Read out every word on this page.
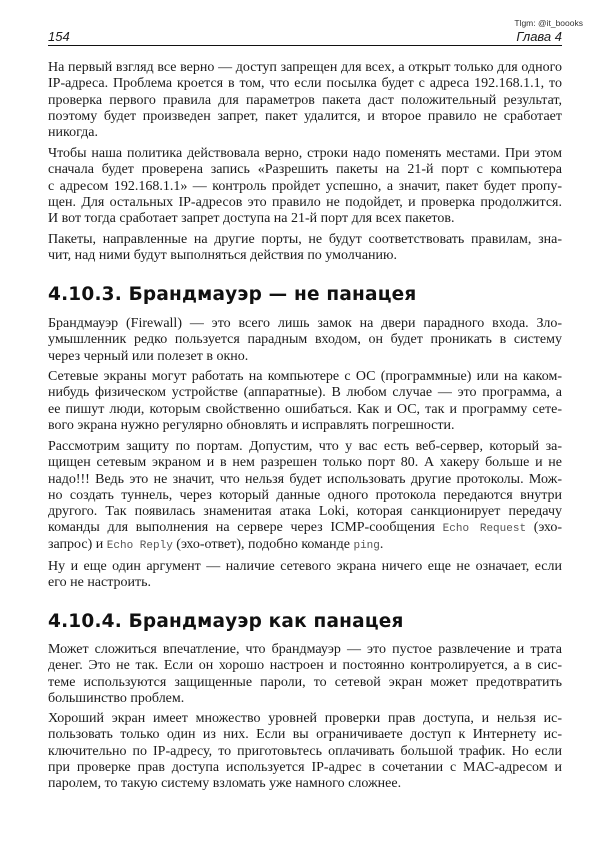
Tlgm: @it_boooks
154	Глава 4
На первый взгляд все верно — доступ запрещен для всех, а открыт только для одного
IP-адреса. Проблема кроется в том, что если посылка будет с адреса 192.168.1.1, то
проверка первого правила для параметров пакета даст положительный результат,
поэтому будет произведен запрет, пакет удалится, и второе правило не сработает
никогда.
Чтобы наша политика действовала верно, строки надо поменять местами. При этом
сначала будет проверена запись «Разрешить пакеты на 21-й порт с компьютера
с адресом 192.168.1.1» — контроль пройдет успешно, а значит, пакет будет пропу-
щен. Для остальных IP-адресов это правило не подойдет, и проверка продолжится.
И вот тогда сработает запрет доступа на 21-й порт для всех пакетов.
Пакеты, направленные на другие порты, не будут соответствовать правилам, зна-
чит, над ними будут выполняться действия по умолчанию.
4.10.3. Брандмауэр — не панацея
Брандмауэр (Firewall) — это всего лишь замок на двери парадного входа. Зло-
умышленник редко пользуется парадным входом, он будет проникать в систему
через черный или полезет в окно.
Сетевые экраны могут работать на компьютере с ОС (программные) или на каком-
нибудь физическом устройстве (аппаратные). В любом случае — это программа, а
ее пишут люди, которым свойственно ошибаться. Как и ОС, так и программу сете-
вого экрана нужно регулярно обновлять и исправлять погрешности.
Рассмотрим защиту по портам. Допустим, что у вас есть веб-сервер, который за-
щищен сетевым экраном и в нем разрешен только порт 80. А хакеру больше и не
надо!!! Ведь это не значит, что нельзя будет использовать другие протоколы. Мож-
но создать туннель, через который данные одного протокола передаются внутри
другого. Так появилась знаменитая атака Loki, которая санкционирует передачу
команды для выполнения на сервере через ICMP-сообщения Echo Request (эхо-
запрос) и Echo Reply (эхо-ответ), подобно команде ping.
Ну и еще один аргумент — наличие сетевого экрана ничего еще не означает, если
его не настроить.
4.10.4. Брандмауэр как панацея
Может сложиться впечатление, что брандмауэр — это пустое развлечение и трата
денег. Это не так. Если он хорошо настроен и постоянно контролируется, а в сис-
теме используются защищенные пароли, то сетевой экран может предотвратить
большинство проблем.
Хороший экран имеет множество уровней проверки прав доступа, и нельзя ис-
пользовать только один из них. Если вы ограничиваете доступ к Интернету ис-
ключительно по IP-адресу, то приготовьтесь оплачивать большой трафик. Но если
при проверке прав доступа используется IP-адрес в сочетании с МАС-адресом и
паролем, то такую систему взломать уже намного сложнее.
